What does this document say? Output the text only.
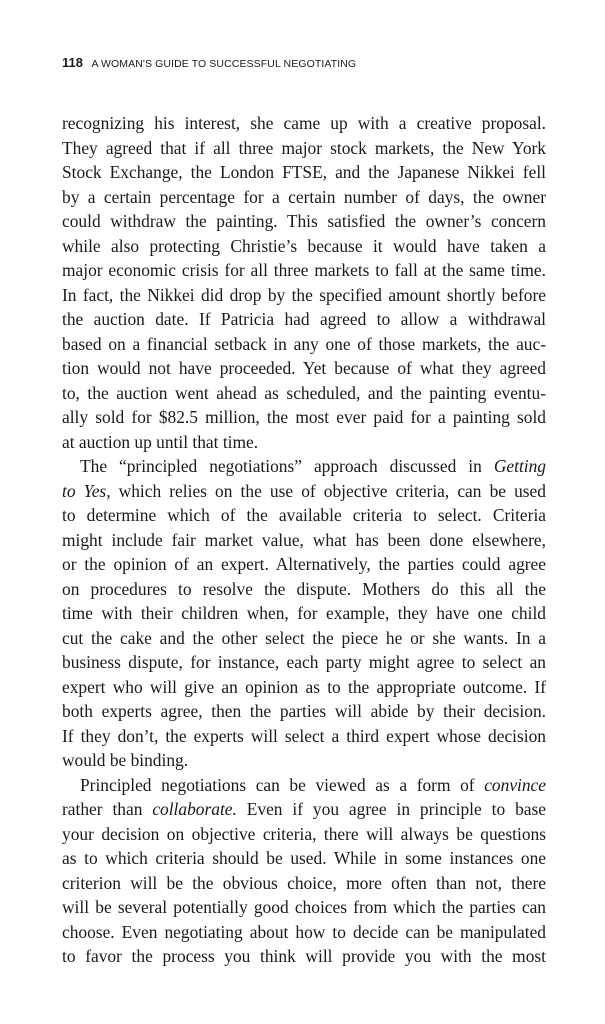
118 A WOMAN'S GUIDE TO SUCCESSFUL NEGOTIATING
recognizing his interest, she came up with a creative proposal.
They agreed that if all three major stock markets, the New York
Stock Exchange, the London FTSE, and the Japanese Nikkei fell
by a certain percentage for a certain number of days, the owner
could withdraw the painting. This satisfied the owner’s concern
while also protecting Christie’s because it would have taken a
major economic crisis for all three markets to fall at the same time.
In fact, the Nikkei did drop by the specified amount shortly before
the auction date. If Patricia had agreed to allow a withdrawal
based on a financial setback in any one of those markets, the auc-
tion would not have proceeded. Yet because of what they agreed
to, the auction went ahead as scheduled, and the painting eventu-
ally sold for $82.5 million, the most ever paid for a painting sold
at auction up until that time.
The “principled negotiations” approach discussed in Getting
to Yes, which relies on the use of objective criteria, can be used
to determine which of the available criteria to select. Criteria
might include fair market value, what has been done elsewhere,
or the opinion of an expert. Alternatively, the parties could agree
on procedures to resolve the dispute. Mothers do this all the
time with their children when, for example, they have one child
cut the cake and the other select the piece he or she wants. In a
business dispute, for instance, each party might agree to select an
expert who will give an opinion as to the appropriate outcome. If
both experts agree, then the parties will abide by their decision.
If they don’t, the experts will select a third expert whose decision
would be binding.
Principled negotiations can be viewed as a form of convince
rather than collaborate. Even if you agree in principle to base
your decision on objective criteria, there will always be questions
as to which criteria should be used. While in some instances one
criterion will be the obvious choice, more often than not, there
will be several potentially good choices from which the parties can
choose. Even negotiating about how to decide can be manipulated
to favor the process you think will provide you with the most
